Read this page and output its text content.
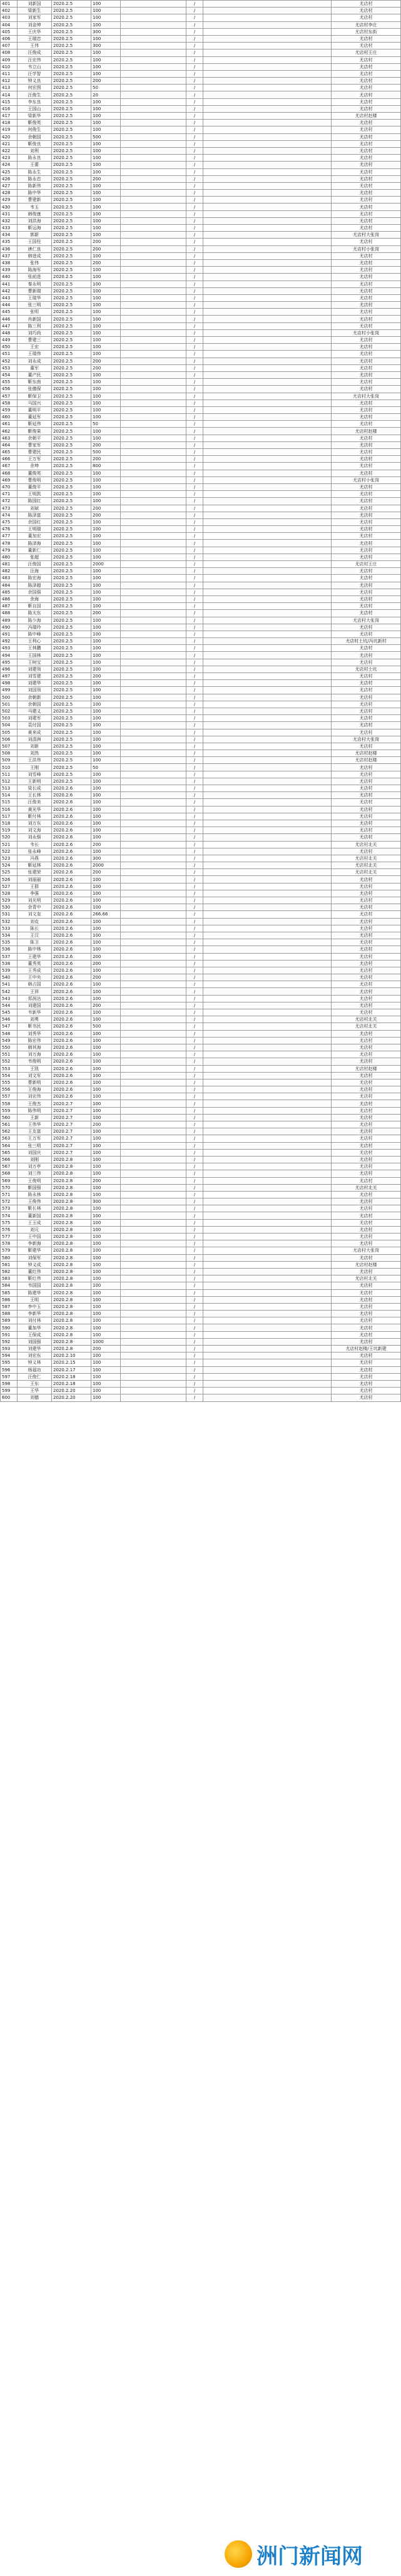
401	刘新国	2020.2.5	100		/		尤店村
402	梁新生	2020.2.5	100		/		尤店村
403	刘家军	2020.2.5	100		/		尤店村
404	刘金坤	2020.2.5	100		/		尤店村李庄
405	王庆华	2020.2.5	300		/		尤店村东街
406	王瑞忠	2020.2.5	100		/		尤店村
407	王伟	2020.2.5	300		/		尤店村
408	汪俊成	2020.2.5	100		/		尤店村王庄
409	汪宏伟	2020.2.5	100		/		尤店村
410	韦立山	2020.2.5	100		/		尤店村
411	汪学智	2020.2.5	100		/		尤店村
412	钟义良	2020.2.5	200		/		尤店村
413	何宏图	2020.2.5	50		/		尤店村
414	汪俊生	2020.2.5	20		/		尤店村
415	李东良	2020.2.5	100		/		尤店村
416	王国山	2020.2.5	100		/		尤店村
417	梁新华	2020.2.5	100		/		尤店村赵楼
418	靳俊英	2020.2.5	100		/		尤店村
419	何俊生	2020.2.5	100		/		尤店村
420	余朝国	2020.2.5	500		/		尤店村
421	靳俊良	2020.2.5	100		/		尤店村
422	刘利	2020.2.5	100		/		尤店村
423	陈永良	2020.2.5	100		/		尤店村
424	王蕾	2020.2.5	100		/		尤店村
425	陈永生	2020.2.5	100		/		尤店村
426	陈永忠	2020.2.5	200		/		尤店村
427	陈新伟	2020.2.5	100		/		尤店村
428	陈中华	2020.2.5	100		/		尤店村
429	曹建新	2020.2.5	100		/		尤店村
430	韦玉	2020.2.5	100		/		尤店村
431	韩俊康	2020.2.5	100		/		尤店村
432	刘洪海	2020.2.5	100		/		尤店村
433	靳运海	2020.2.5	100		/		尤店村
434	郭新	2020.2.5	100		/		尤店村大张岗
435	王国柱	2020.2.5	200		/		尤店村
436	唐仁良	2020.2.5	200		/		尤店村小张岗
437	韩进成	2020.2.5	100		/		尤店村
438	张伟	2020.2.5	200		/		尤店村
439	陈海军	2020.2.5	100		/		尤店村
440	张前进	2020.2.5	100		/		尤店村
441	秦永明	2020.2.5	100		/		尤店村
442	曹新瑞	2020.2.5	100		/		尤店村
443	王瑞华	2020.2.5	100		/		尤店村
444	张三明	2020.2.5	100		/		尤店村
445	张明	2020.2.5	100		/		尤店村
446	肖新国	2020.2.5	100		/		尤店村
447	陈三利	2020.2.5	100		/		尤店村
448	刘巧尚	2020.2.5	100		/		尤店村小张岗
449	曹建三	2020.2.5	100		/		尤店村
450	王宏	2020.2.5	100		/		尤店村
451	王瑞伟	2020.2.5	100		/		尤店村
452	刘永成	2020.2.5	200		/		尤店村
453	董军	2020.2.5	200		/		尤店村
454	董产民	2020.2.5	100		/		尤店村
455	靳东南	2020.2.5	100		/		尤店村
456	张德保	2020.2.5	100		/		尤店村
457	靳保卫	2020.2.5	100		/		尤店村大张岗
458	马国兴	2020.2.5	100		/		尤店村
459	董明平	2020.2.5	100		/		尤店村
460	董延军	2020.2.5	100		/		尤店村
461	靳延伟	2020.2.5	50		/		尤店村
462	靳俊果	2020.2.5	100		/		尤店村赵楼
463	余朝平	2020.2.5	100		/		尤店村
464	曹家军	2020.2.5	200		/		尤店村
465	曹建民	2020.2.5	500		/		尤店村
466	王万军	2020.2.5	200		/		尤店村
467	余坤	2020.2.5	800		/		尤店村
468	董俊英	2020.2.5	100		/		尤店村
469	曹俊明	2020.2.5	100		/		尤店村小张岗
470	董俊平	2020.2.5	100		/		尤店村
471	王明凯	2020.2.5	100		/		尤店村
472	陈国红	2020.2.5	100		/		尤店村
473	刘斌	2020.2.5	200		/		尤店村
474	陈泽富	2020.2.5	200		/		尤店村
475	余国红	2020.2.5	100		/		尤店村
476	王明瑞	2020.2.5	100		/		尤店村
477	董加宏	2020.2.5	100		/		尤店村
478	陈泽海	2020.2.5	100		/		尤店村
479	董新仁	2020.2.5	100		/		尤店村
480	张超	2020.2.5	100		/		尤店村
481	汪俊国	2020.2.5	2000		/		尤店村王庄
482	汪海	2020.2.5	100		/		尤店村
483	陈宏海	2020.2.5	100		/		尤店村
484	陈泽超	2020.2.5	100		/		尤店村
485	余国强	2020.2.5	100		/		尤店村
486	余海	2020.2.5	100		/		尤店村
487	靳自国	2020.2.5	100		/		尤店村
488	陈太东	2020.2.5	200		/		尤店村
489	陈少海	2020.2.5	100		/		尤店村大张岗
490	冯瑞玲	2020.2.5	100		/		尤店村
491	陈中峰	2020.2.5	100		/		尤店村
492	王利心	2020.2.5	100		/		尤店村土坑/冯坑新村
493	王林鹏	2020.2.5	100		/		尤店村
494	王国林	2020.2.5	100		/		尤店村
495	王树宝	2020.2.5	100		/		尤店村
496	刘建领	2020.2.5	100		/		尤店村土坑
497	刘雪建	2020.2.5	200		/		尤店村
498	刘建华	2020.2.5	100		/		尤店村
499	刘国领	2020.2.5	100		/		尤店村
500	余朝新	2020.2.5	100		/		尤店村
501	余朝国	2020.2.5	100		/		尤店村
502	马建义	2020.2.5	100		/		尤店村
503	刘建军	2020.2.5	100		/		尤店村
504	袁付国	2020.2.5	100		/		尤店村
505	黄来成	2020.2.5	100		/		尤店村
506	刘清洲	2020.2.5	100		/		尤店村大张岗
507	刘新	2020.2.5	100		/		尤店村
508	刘然	2020.2.5	100		/		尤店村赵楼
509	王洪伟	2020.2.5	100		/		尤店村赵楼
510	王刚	2020.2.5	50		/		尤店村
511	刘雪峰	2020.2.5	100		/		尤店村
512	王新明	2020.2.5	100		/		尤店村
513	梁长成	2020.2.6	100		/		尤店村
514	王长林	2020.2.6	100		/		尤店村
515	汪俊美	2020.2.6	100		/		尤店村
516	黄光华	2020.2.6	100		/		尤店村
517	靳付林	2020.2.6	100		/		尤店村
518	刘万东	2020.2.6	100		/		尤店村
519	刘文海	2020.2.6	100		/		尤店村
520	刘永强	2020.2.6	100		/		尤店村
521	韦长	2020.2.6	200		/		尤店村北关
522	张永峰	2020.2.6	100		/		尤店村
523	冯燕	2020.2.6	300		/		尤店村北关
524	靳延林	2020.2.6	2000		/		尤店村北关
525	张建荣	2020.2.6	200		/		尤店村北关
526	刘丽丽	2020.2.6	100		/		尤店村
527	王群	2020.2.6	100		/		尤店村
528	李强	2020.2.6	100		/		尤店村
529	刘光明	2020.2.6	100		/		尤店村
530	余青中	2020.2.6	100		/		尤店村
531	刘文奎	2020.2.6	266.66		/		尤店村
532	刘克	2020.2.6	100		/		尤店村
533	陈长	2020.2.6	100		/		尤店村
534	王汉	2020.2.6	100		/		尤店村
535	陈卫	2020.2.6	100		/		尤店村
536	陈中林	2020.2.6	100		/		尤店村
537	王建华	2020.2.6	200		/		尤店村
538	董秀英	2020.2.6	200		/		尤店村
539	王秀成	2020.2.6	100		/		尤店村
540	王中央	2020.2.6	200		/		尤店村
541	韩占国	2020.2.6	100		/		尤店村
542	王祥	2020.2.6	100		/		尤店村
543	郑润达	2020.2.6	100		/		尤店村
544	刘建国	2020.2.6	200		/		尤店村
545	韦新华	2020.2.6	100		/		尤店村
546	刘勇	2020.2.6	100		/		尤店村北关
547	靳书民	2020.2.6	500		/		尤店村北关
548	刘秀华	2020.2.6	100		/		尤店村
549	陈宏伟	2020.2.6	100		/		尤店村
550	韩其海	2020.2.6	100		/		尤店村
551	刘万海	2020.2.6	100		/		尤店村
552	韦俊明	2020.2.6	100		/		尤店村
553	王凯	2020.2.6	100		/		尤店村赵楼
554	刘文军	2020.2.6	100		/		尤店村
555	曹新明	2020.2.6	100		/		尤店村
556	王俊海	2020.2.6	100		/		尤店村
557	刘宏伟	2020.2.6	100		/		尤店村
558	王俊杰	2020.2.7	100		/		尤店村
559	陈伟明	2020.2.7	100		/		尤店村
560	王新	2020.2.7	100		/		尤店村
561	王伟华	2020.2.7	200		/		尤店村
562	王友富	2020.2.7	100		/		尤店村
563	王万军	2020.2.7	100		/		尤店村
564	张三明	2020.2.7	100		/		尤店村
565	刘国庆	2020.2.7	100		/		尤店村
566	刘刚	2020.2.8	100		/		尤店村
567	刘万亭	2020.2.8	100		/		尤店村
568	刘三伟	2020.2.8	100		/		尤店村
569	王俊明	2020.2.8	200		/		尤店村
570	靳国强	2020.2.8	100		/		尤店村北关
571	陈永林	2020.2.8	100		/		尤店村
572	王俊伟	2020.2.8	300		/		尤店村
573	靳长林	2020.2.8	100		/		尤店村
574	董新国	2020.2.8	100		/		尤店村
575	王玉成	2020.2.8	100		/		尤店村
576	刘元	2020.2.8	100		/		尤店村
577	王中国	2020.2.8	100		/		尤店村
578	李新海	2020.2.8	100		/		尤店村
579	靳建华	2020.2.8	100		/		尤店村大张岗
580	刘保军	2020.2.8	100		/		尤店村
581	钟义成	2020.2.8	100		/		尤店村赵楼
582	董红伟	2020.2.8	100		/		尤店村
583	靳红伟	2020.2.8	100		/		尤店村北关
584	韦国国	2020.2.8	100		/		尤店村
585	陈建华	2020.2.8	100		/		尤店村
586	王明	2020.2.8	100		/		尤店村
587	李中玉	2020.2.8	100		/		尤店村
588	李新华	2020.2.8	100		/		尤店村
589	刘付林	2020.2.8	100		/		尤店村
590	董加华	2020.2.8	100		/		尤店村
591	王保成	2020.2.8	100		/		尤店村
592	刘国强	2020.2.8	1000		/		尤店村
593	刘建华	2020.2.8	200		/		尤店村赵楼/王坑新建
594	刘宏东	2020.2.10	100		/		尤店村
595	钟义林	2020.2.15	100		/		尤店村
596	杨福功	2020.2.17	100		/		尤店村
597	汪俊仁	2020.2.18	100		/		尤店村
598	王东	2020.2.18	100		/		尤店村
599	王华	2020.2.20	100		/		尤店村
600	刘德	2020.2.20	100		/		尤店村
洲门新闻网
